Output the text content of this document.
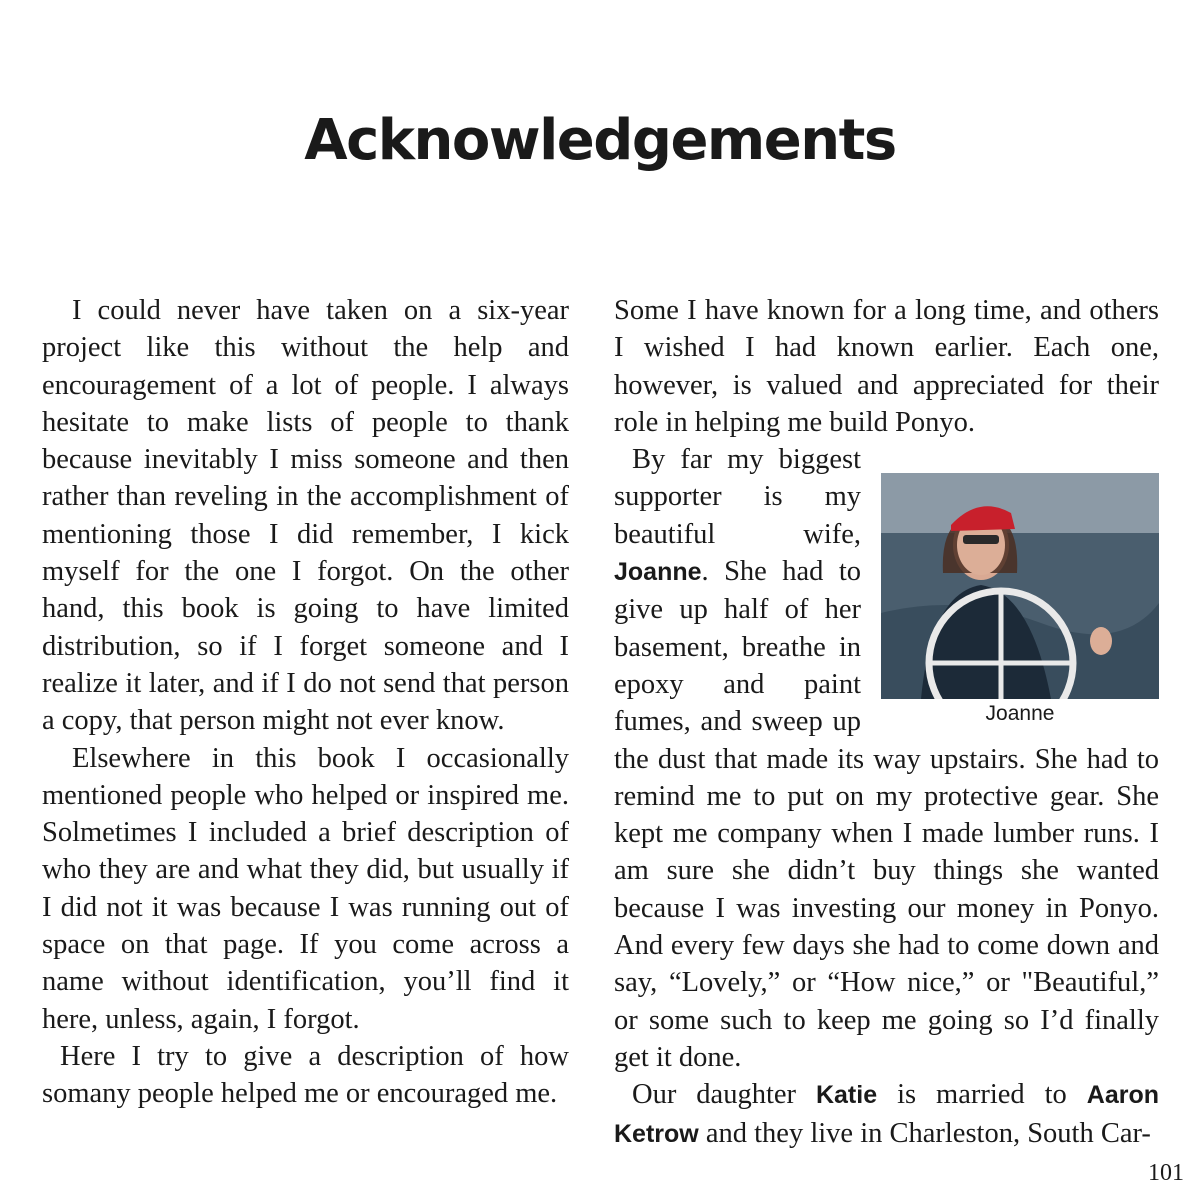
Acknowledgements

I could never have taken on a six-year project like this without the help and encouragement of a lot of people. I always hesitate to make lists of people to thank because inevitably I miss someone and then rather than reveling in the accomplishment of mentioning those I did remember, I kick myself for the one I forgot. On the other hand, this book is going to have limited distribution, so if I forget someone and I realize it later, and if I do not send that person a copy, that person might not ever know.

Elsewhere in this book I occasionally mentioned people who helped or inspired me. Solmetimes I included a brief description of who they are and what they did, but usually if I did not it was because I was running out of space on that page. If you come across a name without identification, you’ll find it here, unless, again, I forgot.

Here I try to give a description of how somany people helped me or encouraged me.

Some I have known for a long time, and others I wished I had known earlier. Each one, however, is valued and appreciated for their role in helping me build Ponyo.

Joanne

By far my biggest supporter is my beautiful wife, Joanne. She had to give up half of her basement, breathe in epoxy and paint fumes, and sweep up the dust that made its way upstairs. She had to remind me to put on my protective gear. She kept me company when I made lumber runs. I am sure she didn’t buy things she wanted because I was investing our money in Ponyo. And every few days she had to come down and say, “Lovely,” or “How nice,” or "Beautiful,” or some such to keep me going so I’d finally get it done.

Our daughter Katie is married to Aaron Ketrow and they live in Charleston, South Car-

101
